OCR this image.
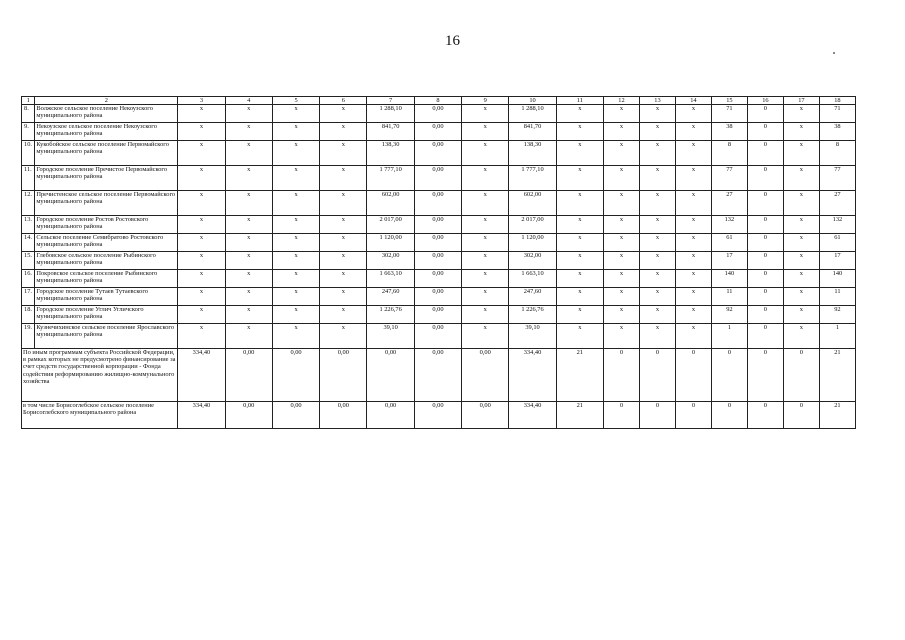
16
1	2	3	4	5	6	7	8	9	10	11	12	13	14	15	16	17	18
8.	Волжское сельское поселение Некоузского муниципального района	х	х	х	х	1 288,10	0,00	х	1 288,10	х	х	х	х	71	0	х	71
9.	Некоузское сельское поселение Некоузского муниципального района	х	х	х	х	841,70	0,00	х	841,70	х	х	х	х	38	0	х	38
10.	Кукобойское сельское поселение Первомайского муниципального района	х	х	х	х	138,30	0,00	х	138,30	х	х	х	х	8	0	х	8
11.	Городское поселение Пречистое Первомайского муниципального района	х	х	х	х	1 777,10	0,00	х	1 777,10	х	х	х	х	77	0	х	77
12.	Пречистенское сельское поселение Первомайского муниципального района	х	х	х	х	602,00	0,00	х	602,00	х	х	х	х	27	0	х	27
13.	Городское поселение Ростов Ростовского муниципального района	х	х	х	х	2 017,00	0,00	х	2 017,00	х	х	х	х	132	0	х	132
14.	Сельское поселение Семибратово Ростовского муниципального района	х	х	х	х	1 120,00	0,00	х	1 120,00	х	х	х	х	61	0	х	61
15.	Глебовское сельское поселение Рыбинского муниципального района	х	х	х	х	302,00	0,00	х	302,00	х	х	х	х	17	0	х	17
16.	Покровское сельское поселение Рыбинского муниципального района	х	х	х	х	1 663,10	0,00	х	1 663,10	х	х	х	х	140	0	х	140
17.	Городское поселение Тутаев Тутаевского муниципального района	х	х	х	х	247,60	0,00	х	247,60	х	х	х	х	11	0	х	11
18.	Городское поселение Углич Угличского муниципального района	х	х	х	х	1 226,76	0,00	х	1 226,76	х	х	х	х	92	0	х	92
19.	Кузнечихинское сельское поселение Ярославского муниципального района	х	х	х	х	39,10	0,00	х	39,10	х	х	х	х	1	0	х	1
По иным программам субъекта Российской Федерации, в рамках которых не предусмотрено финансирование за счет средств государственной корпорации - Фонда содействия реформированию жилищно-коммунального хозяйства		334,40	0,00	0,00	0,00	0,00	0,00	0,00	334,40	21	0	0	0	0	0	0	21
в том числе Борисоглебское сельское поселение Борисоглебского муниципального района		334,40	0,00	0,00	0,00	0,00	0,00	0,00	334,40	21	0	0	0	0	0	0	21
